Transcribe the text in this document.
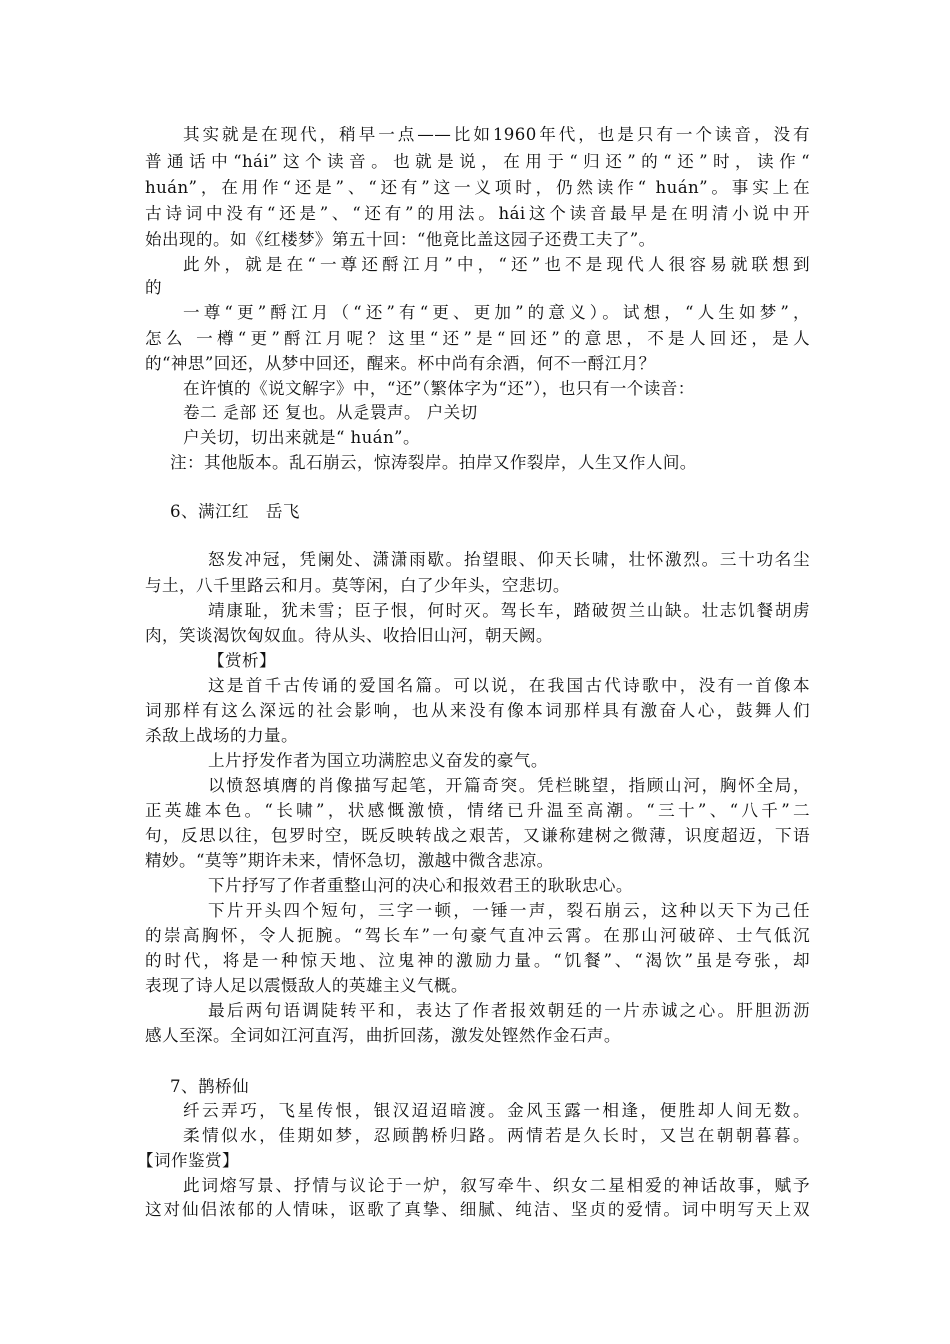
其实就是在现代，稍早一点——比如1960年代，也是只有一个读音，没有
普通话中“hái”这个读音。也就是说，在用于“归还”的“还”时，读作“
huán”，在用作“还是”、“还有”这一义项时，仍然读作“ huán”。事实上在
古诗词中没有“还是”、“还有”的用法。hái这个读音最早是在明清小说中开
始出现的。如《红楼梦》第五十回：“他竟比盖这园子还费工夫了”。
此外，就是在“一尊还酹江月”中，“还”也不是现代人很容易就联想到
的
一尊“更”酹江月（“还”有“更、更加”的意义）。试想，“人生如梦”，
怎么 一樽“更”酹江月呢？这里“还”是“回还”的意思，不是人回还，是人
的“神思”回还，从梦中回还，醒来。杯中尚有余酒，何不一酹江月？
在许慎的《说文解字》中，“还”（繁体字为“还”），也只有一个读音：
卷二 辵部 还 复也。从辵睘声。 户关切
户关切，切出来就是“ huán”。
注：其他版本。乱石崩云，惊涛裂岸。拍岸又作裂岸，人生又作人间。
6、满江红　岳飞
怒发冲冠，凭阑处、潇潇雨歇。抬望眼、仰天长啸，壮怀激烈。三十功名尘
与土，八千里路云和月。莫等闲，白了少年头，空悲切。
靖康耻，犹未雪；臣子恨，何时灭。驾长车，踏破贺兰山缺。壮志饥餐胡虏
肉，笑谈渴饮匈奴血。待从头、收拾旧山河，朝天阙。
【赏析】
这是首千古传诵的爱国名篇。可以说，在我国古代诗歌中，没有一首像本
词那样有这么深远的社会影响，也从来没有像本词那样具有激奋人心，鼓舞人们
杀敌上战场的力量。
上片抒发作者为国立功满腔忠义奋发的豪气。
以愤怒填膺的肖像描写起笔，开篇奇突。凭栏眺望，指顾山河，胸怀全局，
正英雄本色。“长啸”，状感慨激愤，情绪已升温至高潮。“三十”、“八千”二
句，反思以往，包罗时空，既反映转战之艰苦，又谦称建树之微薄，识度超迈，下语
精妙。“莫等”期许未来，情怀急切，激越中微含悲凉。
下片抒写了作者重整山河的决心和报效君王的耿耿忠心。
下片开头四个短句，三字一顿，一锤一声，裂石崩云，这种以天下为己任
的崇高胸怀，令人扼腕。“驾长车”一句豪气直冲云霄。在那山河破碎、士气低沉
的时代，将是一种惊天地、泣鬼神的激励力量。“饥餐”、“渴饮”虽是夸张，却
表现了诗人足以震慑敌人的英雄主义气概。
最后两句语调陡转平和，表达了作者报效朝廷的一片赤诚之心。肝胆沥沥
感人至深。全词如江河直泻，曲折回荡，激发处铿然作金石声。
7、鹊桥仙
纤云弄巧，飞星传恨，银汉迢迢暗渡。金风玉露一相逢，便胜却人间无数。
柔情似水，佳期如梦，忍顾鹊桥归路。两情若是久长时，又岂在朝朝暮暮。
【词作鉴赏】
此词熔写景、抒情与议论于一炉，叙写牵牛、织女二星相爱的神话故事，赋予
这对仙侣浓郁的人情味，讴歌了真挚、细腻、纯洁、坚贞的爱情。词中明写天上双
